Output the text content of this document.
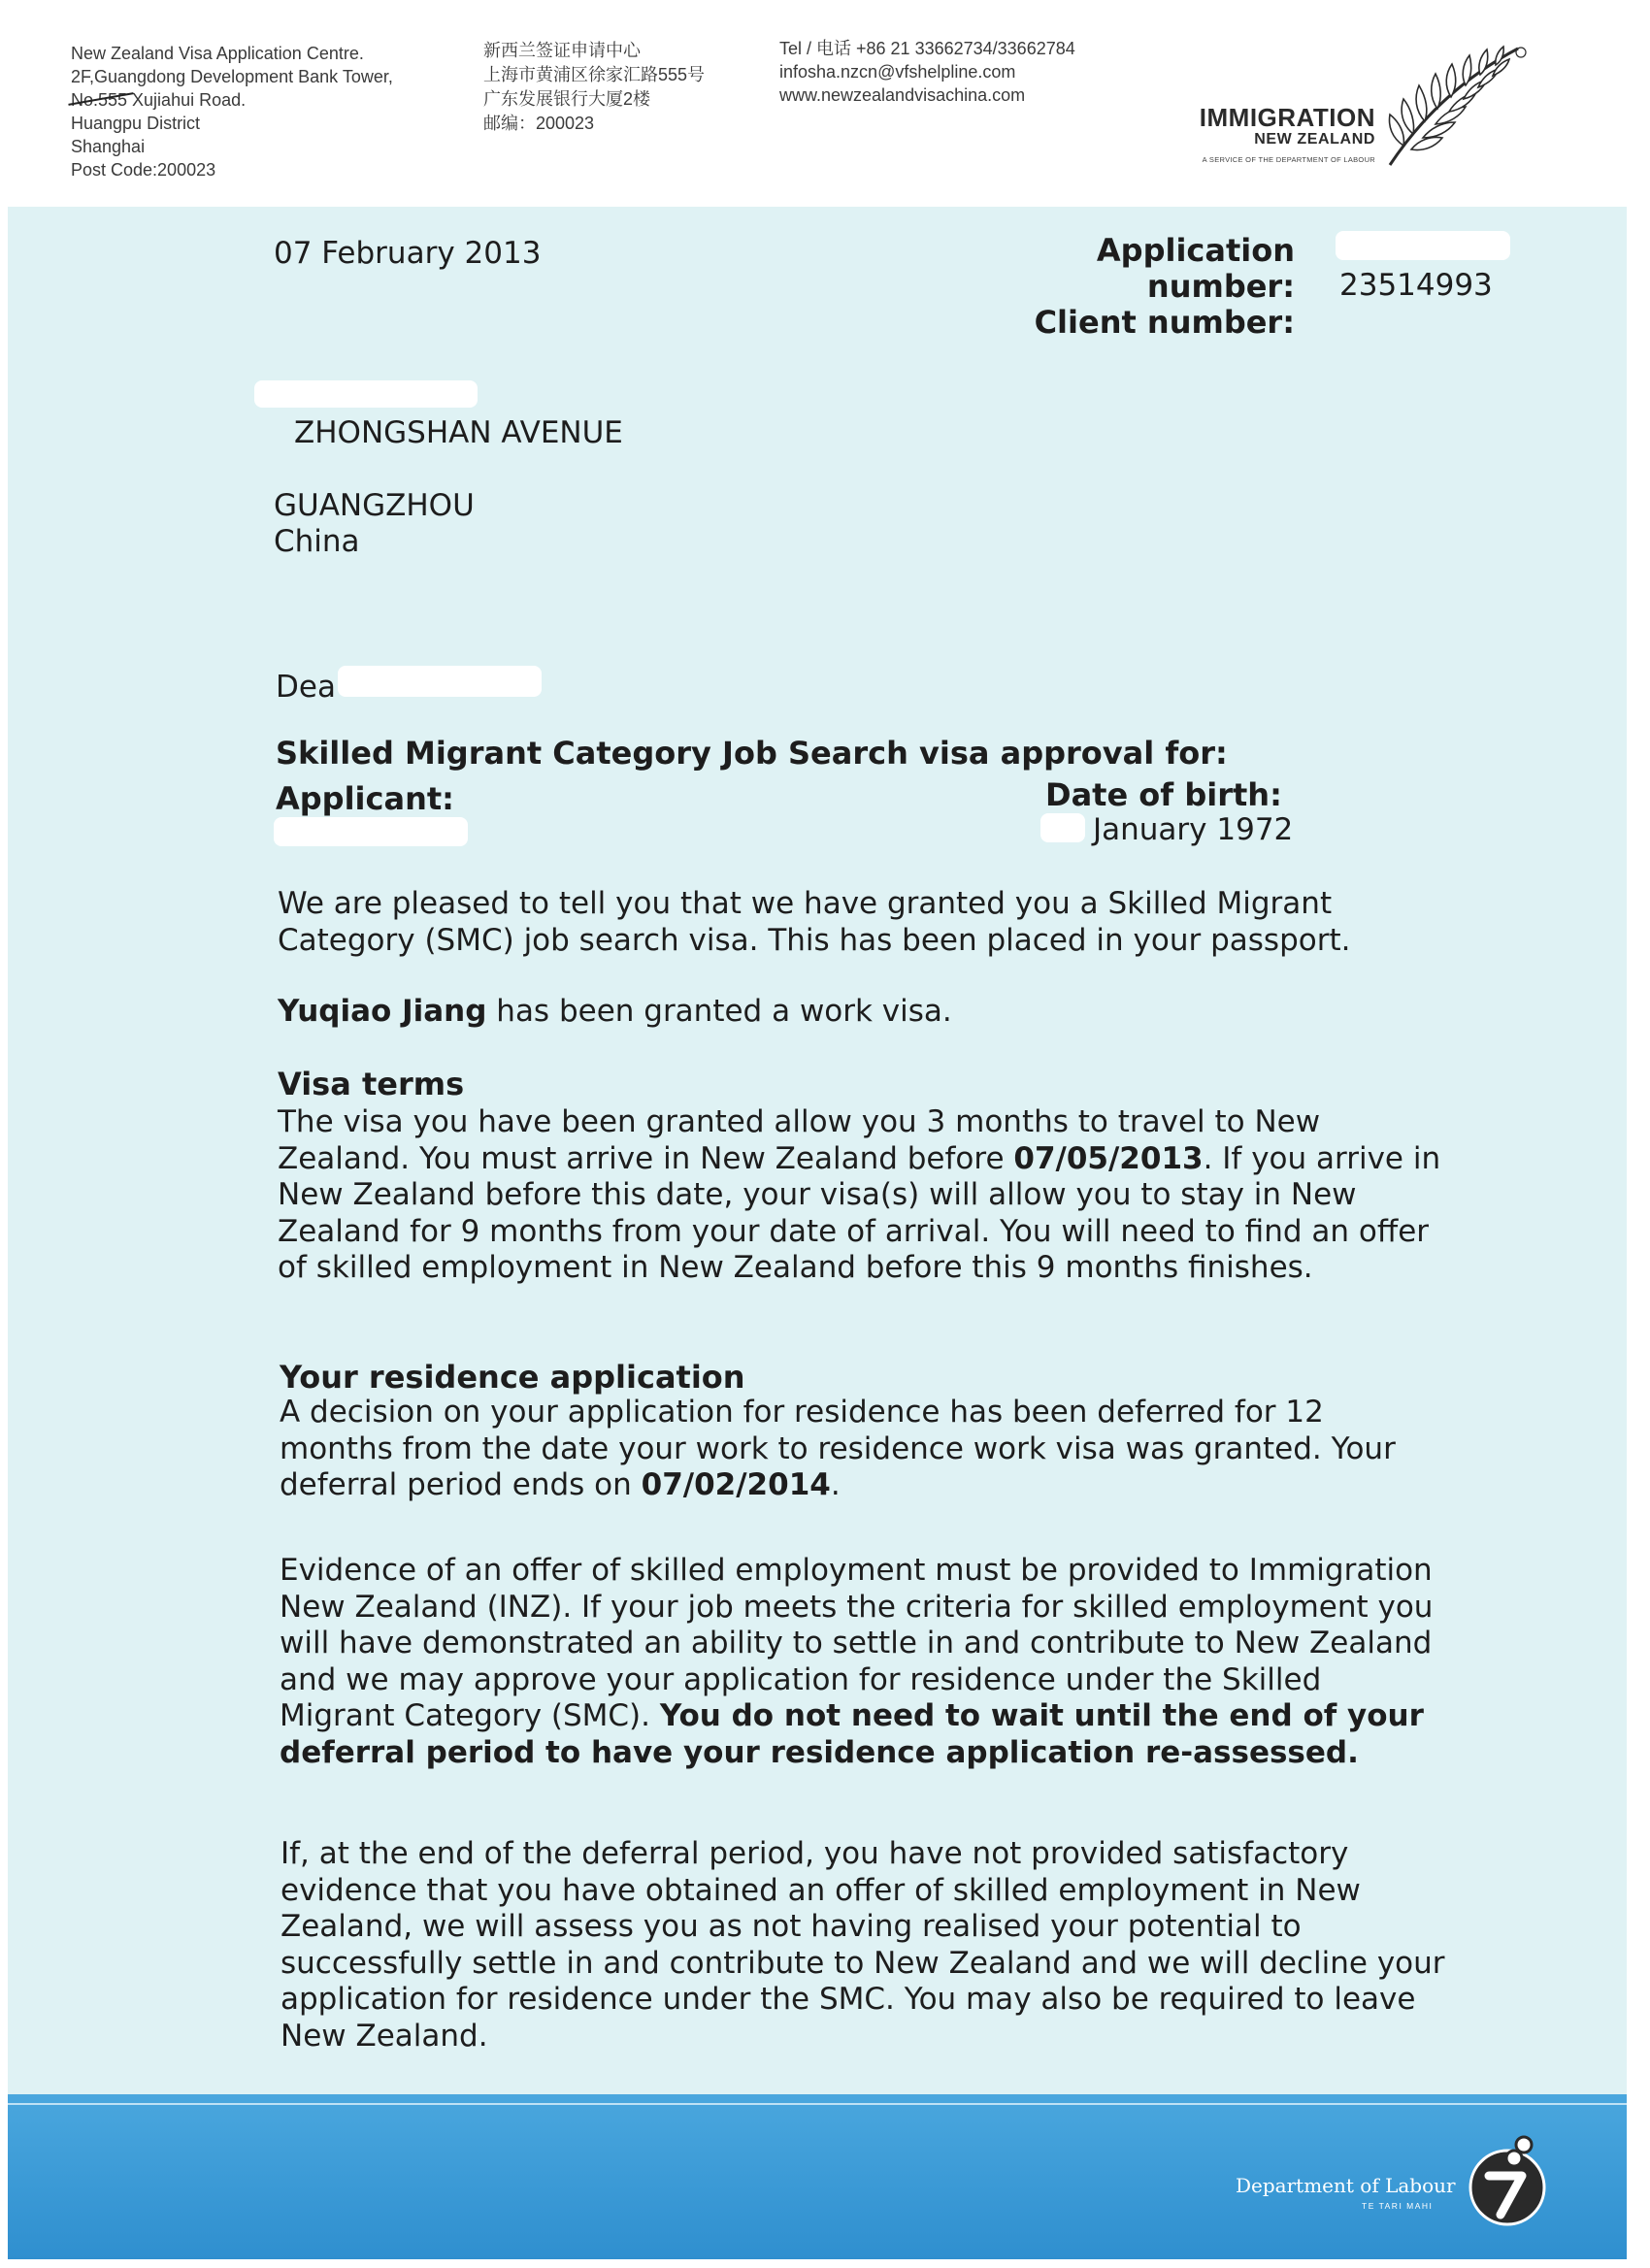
New Zealand Visa Application Centre.
2F,Guangdong Development Bank Tower,
No.555 Xujiahui Road.
Huangpu District
Shanghai
Post Code:200023
新西兰签证申请中心
上海市黄浦区徐家汇路555号
广东发展银行大厦2楼
邮编：200023
Tel / 电话 +86 21 33662734/33662784
infosha.nzcn@vfshelpline.com
www.newzealandvisachina.com
IMMIGRATION
NEW ZEALAND
A SERVICE OF THE DEPARTMENT OF LABOUR
07 February 2013	Application number:
Client number:
23514993
ZHONGSHAN AVENUE
GUANGZHOU
China
Dea
Skilled Migrant Category Job Search visa approval for:
Applicant:	Date of birth:
January 1972
We are pleased to tell you that we have granted you a Skilled Migrant Category (SMC) job search visa. This has been placed in your passport.
Yuqiao Jiang has been granted a work visa.
Visa terms
The visa you have been granted allow you 3 months to travel to New Zealand. You must arrive in New Zealand before 07/05/2013. If you arrive in New Zealand before this date, your visa(s) will allow you to stay in New Zealand for 9 months from your date of arrival. You will need to find an offer of skilled employment in New Zealand before this 9 months finishes.
Your residence application
A decision on your application for residence has been deferred for 12 months from the date your work to residence work visa was granted. Your deferral period ends on 07/02/2014.
Evidence of an offer of skilled employment must be provided to Immigration New Zealand (INZ). If your job meets the criteria for skilled employment you will have demonstrated an ability to settle in and contribute to New Zealand and we may approve your application for residence under the Skilled Migrant Category (SMC). You do not need to wait until the end of your deferral period to have your residence application re-assessed.
If, at the end of the deferral period, you have not provided satisfactory evidence that you have obtained an offer of skilled employment in New Zealand, we will assess you as not having realised your potential to successfully settle in and contribute to New Zealand and we will decline your application for residence under the SMC. You may also be required to leave New Zealand.
Department of Labour
TE TARI MAHI
